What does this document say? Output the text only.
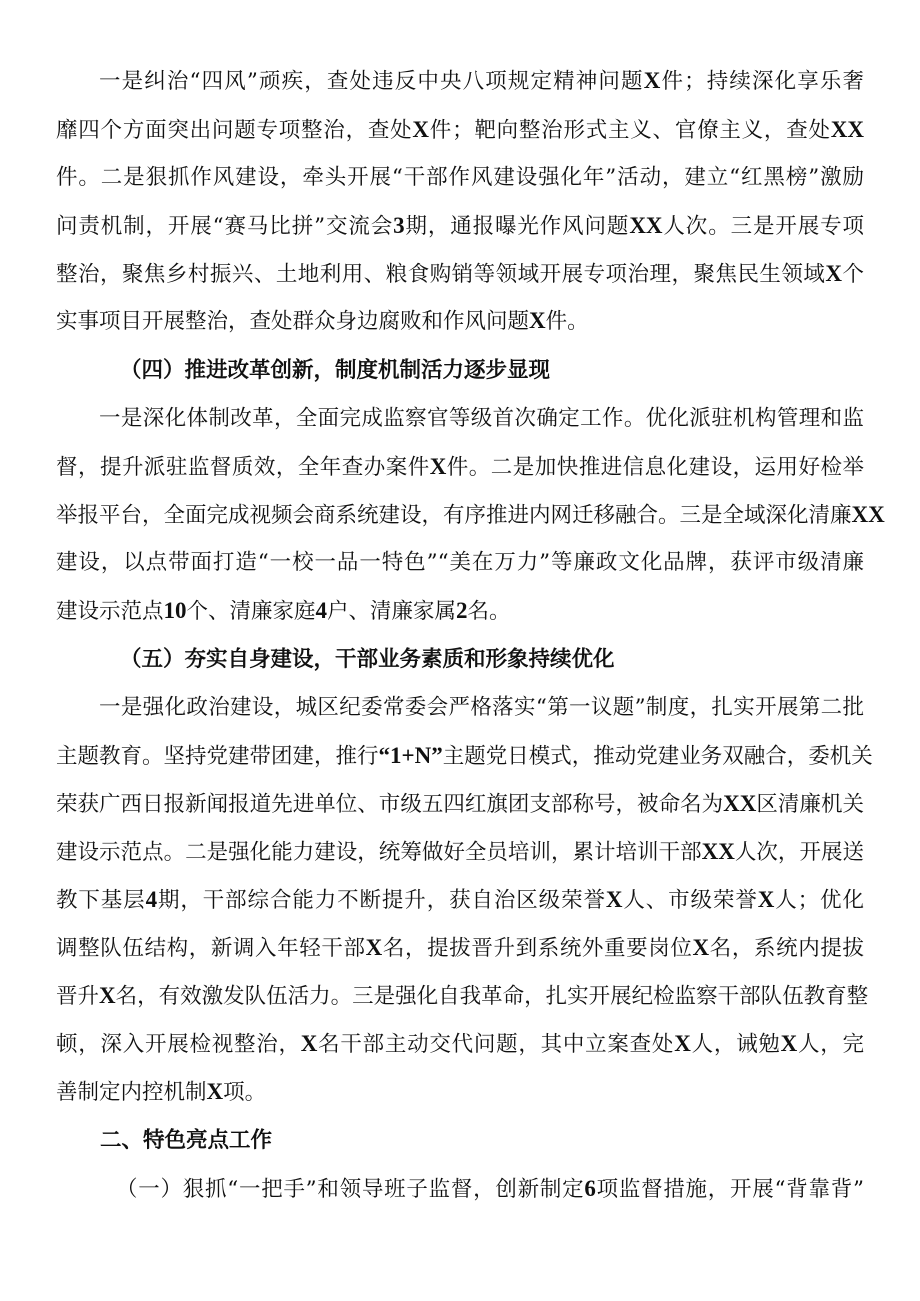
一是纠治“四风”顽疾，查处违反中央八项规定精神问题X件；持续深化享乐奢
靡四个方面突出问题专项整治，查处X件；靶向整治形式主义、官僚主义，查处XX
件。二是狠抓作风建设，牵头开展“干部作风建设强化年”活动，建立“红黑榜”激励
问责机制，开展“赛马比拼”交流会3期，通报曝光作风问题XX人次。三是开展专项
整治，聚焦乡村振兴、土地利用、粮食购销等领域开展专项治理，聚焦民生领域X个
实事项目开展整治，查处群众身边腐败和作风问题X件。
（四）推进改革创新，制度机制活力逐步显现
一是深化体制改革，全面完成监察官等级首次确定工作。优化派驻机构管理和监
督，提升派驻监督质效，全年查办案件X件。二是加快推进信息化建设，运用好检举
举报平台，全面完成视频会商系统建设，有序推进内网迁移融合。三是全域深化清廉XX
建设，以点带面打造“一校一品一特色”“美在万力”等廉政文化品牌，获评市级清廉
建设示范点10个、清廉家庭4户、清廉家属2名。
（五）夯实自身建设，干部业务素质和形象持续优化
一是强化政治建设，城区纪委常委会严格落实“第一议题”制度，扎实开展第二批
主题教育。坚持党建带团建，推行“1+N”主题党日模式，推动党建业务双融合，委机关
荣获广西日报新闻报道先进单位、市级五四红旗团支部称号，被命名为XX区清廉机关
建设示范点。二是强化能力建设，统筹做好全员培训，累计培训干部XX人次，开展送
教下基层4期，干部综合能力不断提升，获自治区级荣誉X人、市级荣誉X人；优化
调整队伍结构，新调入年轻干部X名，提拔晋升到系统外重要岗位X名，系统内提拔
晋升X名，有效激发队伍活力。三是强化自我革命，扎实开展纪检监察干部队伍教育整
顿，深入开展检视整治，X名干部主动交代问题，其中立案查处X人，诫勉X人，完
善制定内控机制X项。
二、特色亮点工作
（一）狠抓“一把手”和领导班子监督，创新制定6项监督措施，开展“背靠背”
